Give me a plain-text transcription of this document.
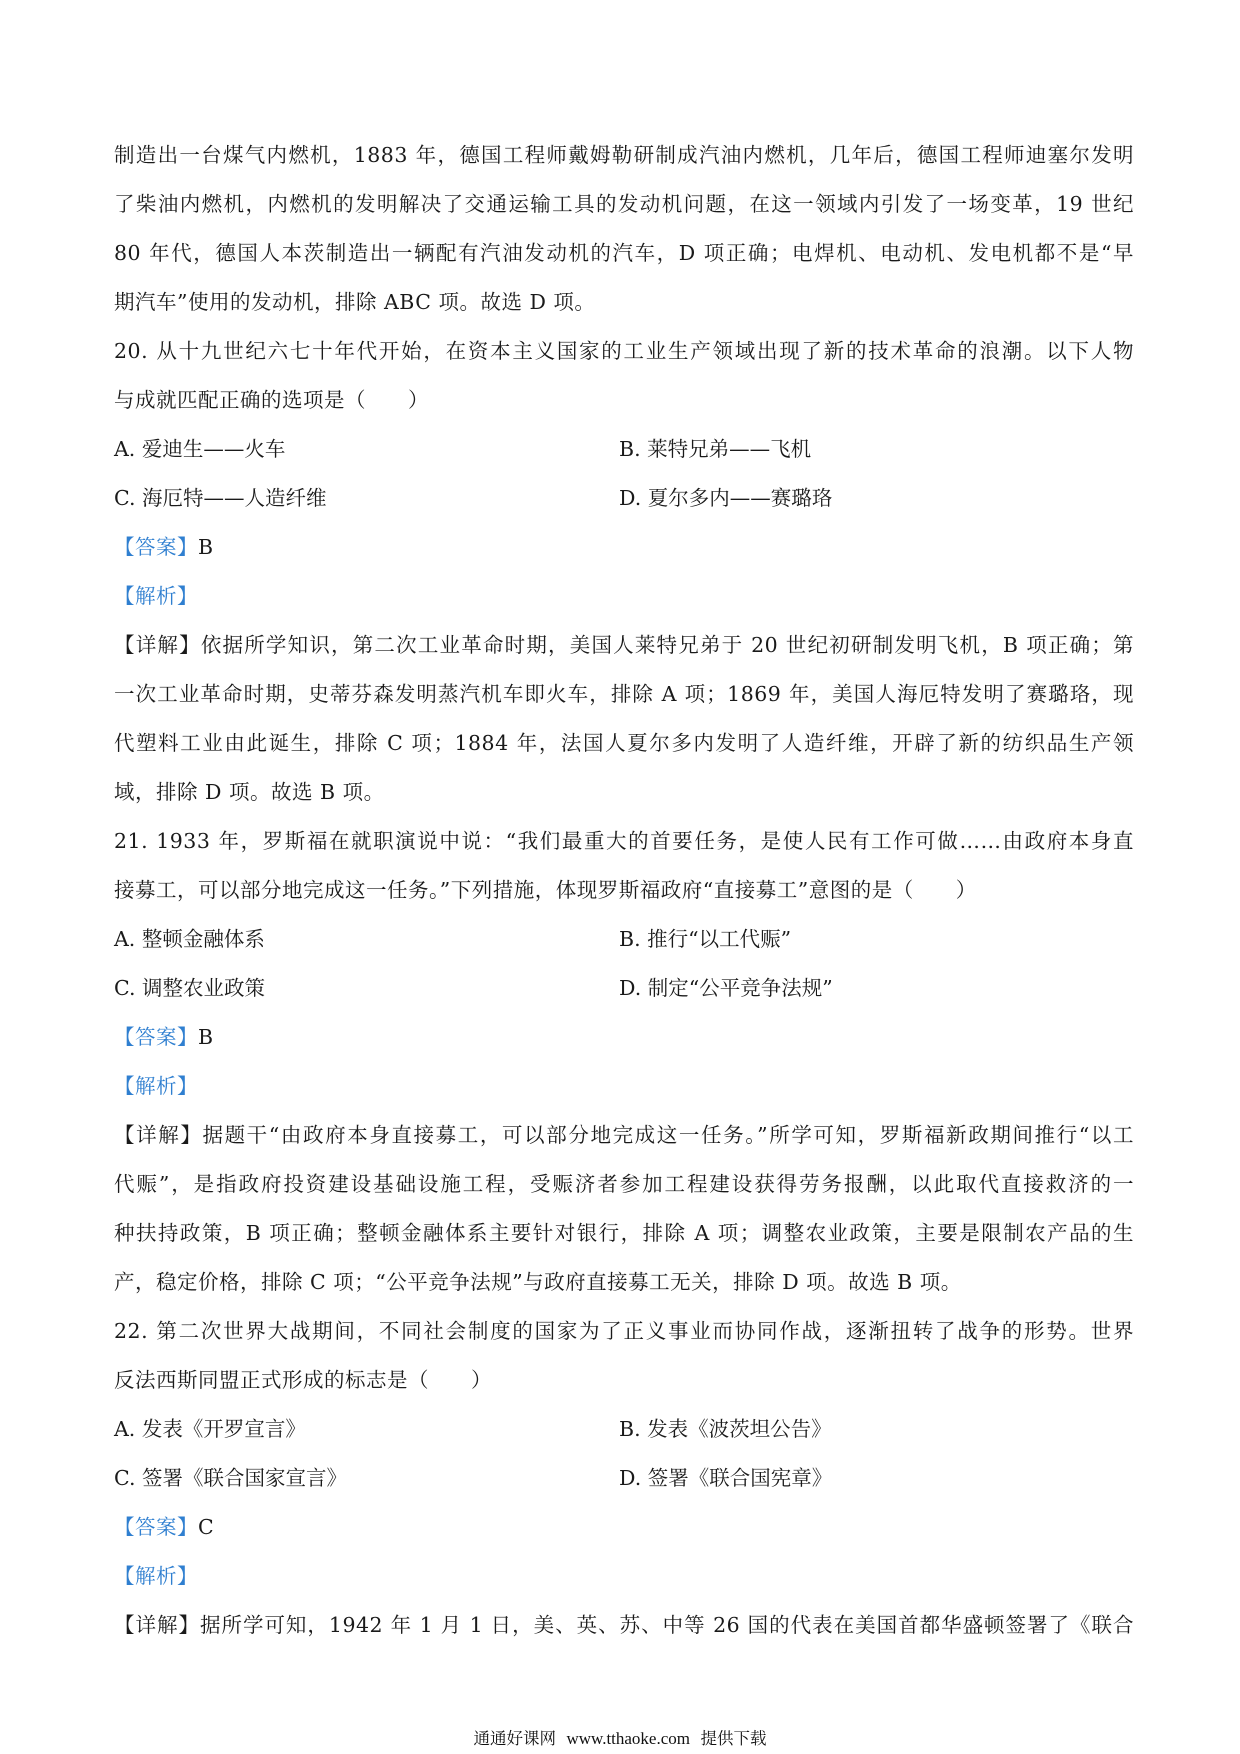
制造出一台煤气内燃机，1883 年，德国工程师戴姆勒研制成汽油内燃机，几年后，德国工程师迪塞尔发明
了柴油内燃机，内燃机的发明解决了交通运输工具的发动机问题，在这一领域内引发了一场变革，19 世纪
80 年代，德国人本茨制造出一辆配有汽油发动机的汽车，D 项正确；电焊机、电动机、发电机都不是“早
期汽车”使用的发动机，排除 ABC 项。故选 D 项。
20. 从十九世纪六七十年代开始，在资本主义国家的工业生产领域出现了新的技术革命的浪潮。以下人物
与成就匹配正确的选项是（　　）
A. 爱迪生——火车	B. 莱特兄弟——飞机
C. 海厄特——人造纤维	D. 夏尔多内——赛璐珞
【答案】B
【解析】
【详解】依据所学知识，第二次工业革命时期，美国人莱特兄弟于 20 世纪初研制发明飞机，B 项正确；第
一次工业革命时期，史蒂芬森发明蒸汽机车即火车，排除 A 项；1869 年，美国人海厄特发明了赛璐珞，现
代塑料工业由此诞生，排除 C 项；1884 年，法国人夏尔多内发明了人造纤维，开辟了新的纺织品生产领
域，排除 D 项。故选 B 项。
21. 1933 年，罗斯福在就职演说中说：“我们最重大的首要任务，是使人民有工作可做……由政府本身直
接募工，可以部分地完成这一任务。”下列措施，体现罗斯福政府“直接募工”意图的是（　　）
A. 整顿金融体系	B. 推行“以工代赈”
C. 调整农业政策	D. 制定“公平竞争法规”
【答案】B
【解析】
【详解】据题干“由政府本身直接募工，可以部分地完成这一任务。”所学可知，罗斯福新政期间推行“以工
代赈”，是指政府投资建设基础设施工程，受赈济者参加工程建设获得劳务报酬，以此取代直接救济的一
种扶持政策，B 项正确；整顿金融体系主要针对银行，排除 A 项；调整农业政策，主要是限制农产品的生
产，稳定价格，排除 C 项；“公平竞争法规”与政府直接募工无关，排除 D 项。故选 B 项。
22. 第二次世界大战期间，不同社会制度的国家为了正义事业而协同作战，逐渐扭转了战争的形势。世界
反法西斯同盟正式形成的标志是（　　）
A. 发表《开罗宣言》	B. 发表《波茨坦公告》
C. 签署《联合国家宣言》	D. 签署《联合国宪章》
【答案】C
【解析】
【详解】据所学可知，1942 年 1 月 1 日，美、英、苏、中等 26 国的代表在美国首都华盛顿签署了《联合
通通好课网 www.tthaoke.com 提供下载
